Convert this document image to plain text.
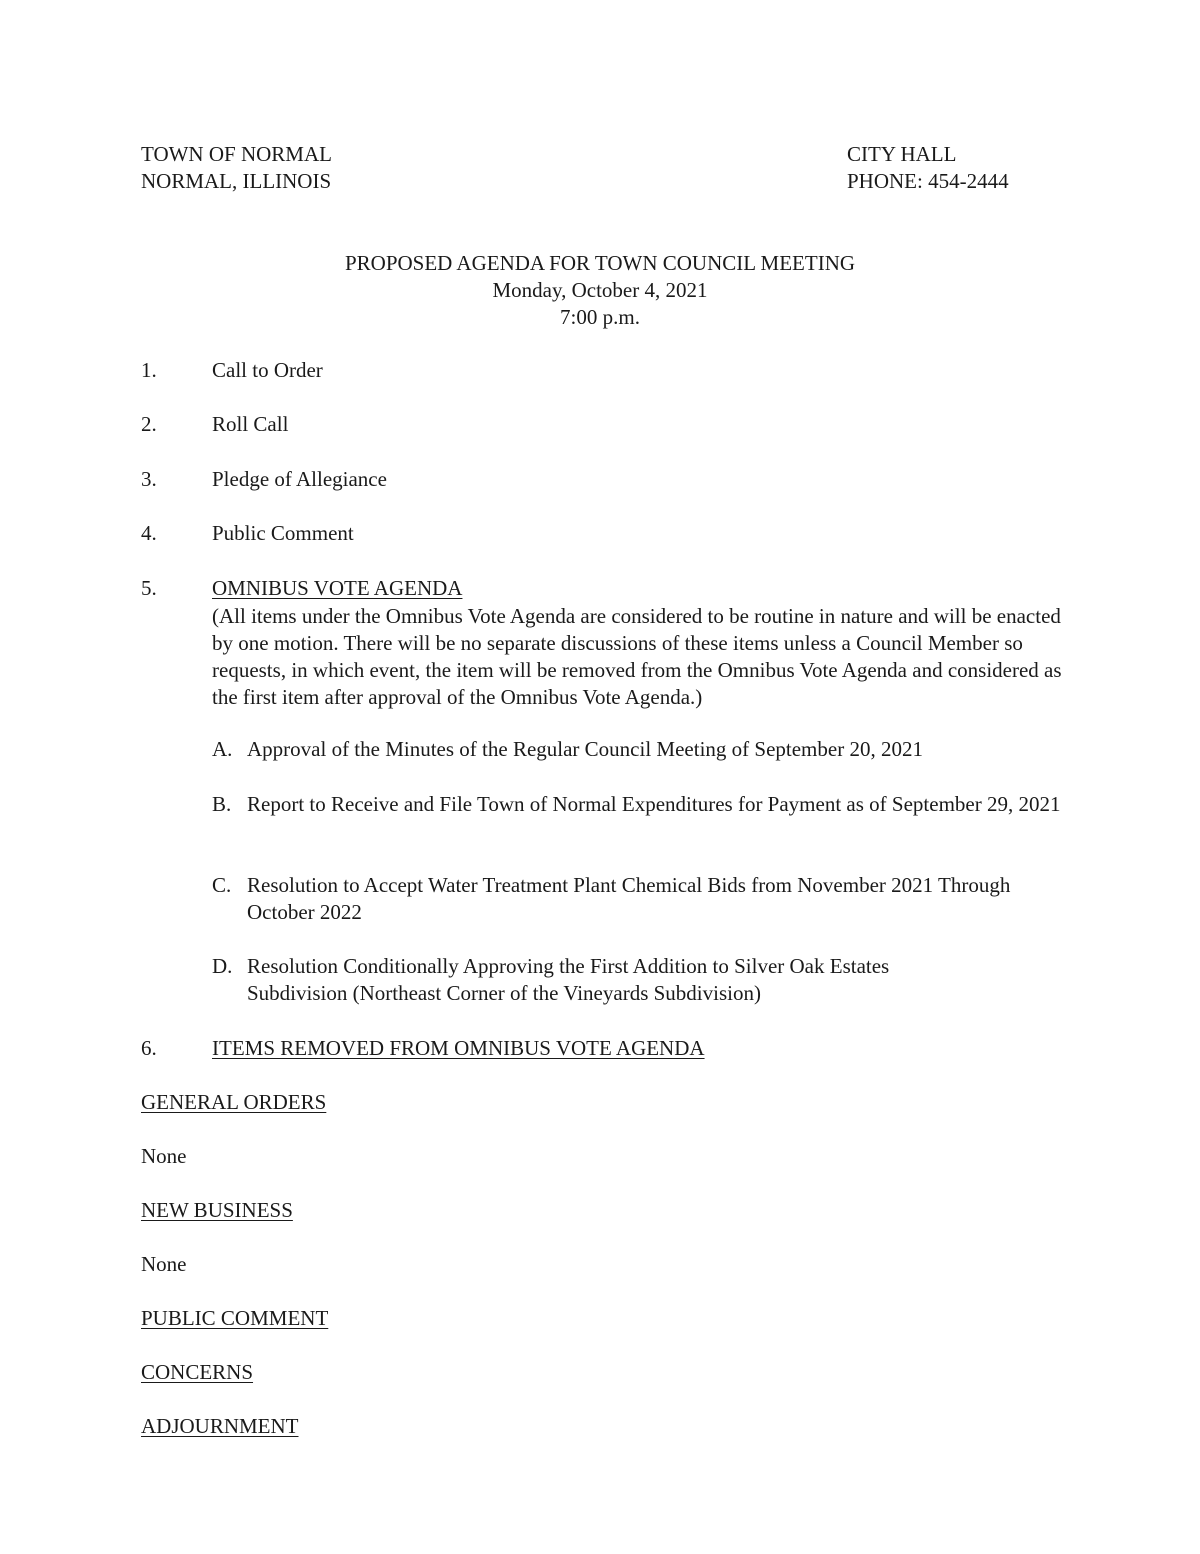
TOWN OF NORMAL
NORMAL, ILLINOIS
CITY HALL
PHONE: 454-2444
PROPOSED AGENDA FOR TOWN COUNCIL MEETING
Monday, October 4, 2021
7:00 p.m.
1.	Call to Order
2.	Roll Call
3.	Pledge of Allegiance
4.	Public Comment
5.	OMNIBUS VOTE AGENDA
(All items under the Omnibus Vote Agenda are considered to be routine in nature and will be enacted by one motion. There will be no separate discussions of these items unless a Council Member so requests, in which event, the item will be removed from the Omnibus Vote Agenda and considered as the first item after approval of the Omnibus Vote Agenda.)
A. Approval of the Minutes of the Regular Council Meeting of September 20, 2021
B. Report to Receive and File Town of Normal Expenditures for Payment as of September 29, 2021
C. Resolution to Accept Water Treatment Plant Chemical Bids from November 2021 Through October 2022
D. Resolution Conditionally Approving the First Addition to Silver Oak Estates Subdivision (Northeast Corner of the Vineyards Subdivision)
6.	ITEMS REMOVED FROM OMNIBUS VOTE AGENDA
GENERAL ORDERS
None
NEW BUSINESS
None
PUBLIC COMMENT
CONCERNS
ADJOURNMENT
